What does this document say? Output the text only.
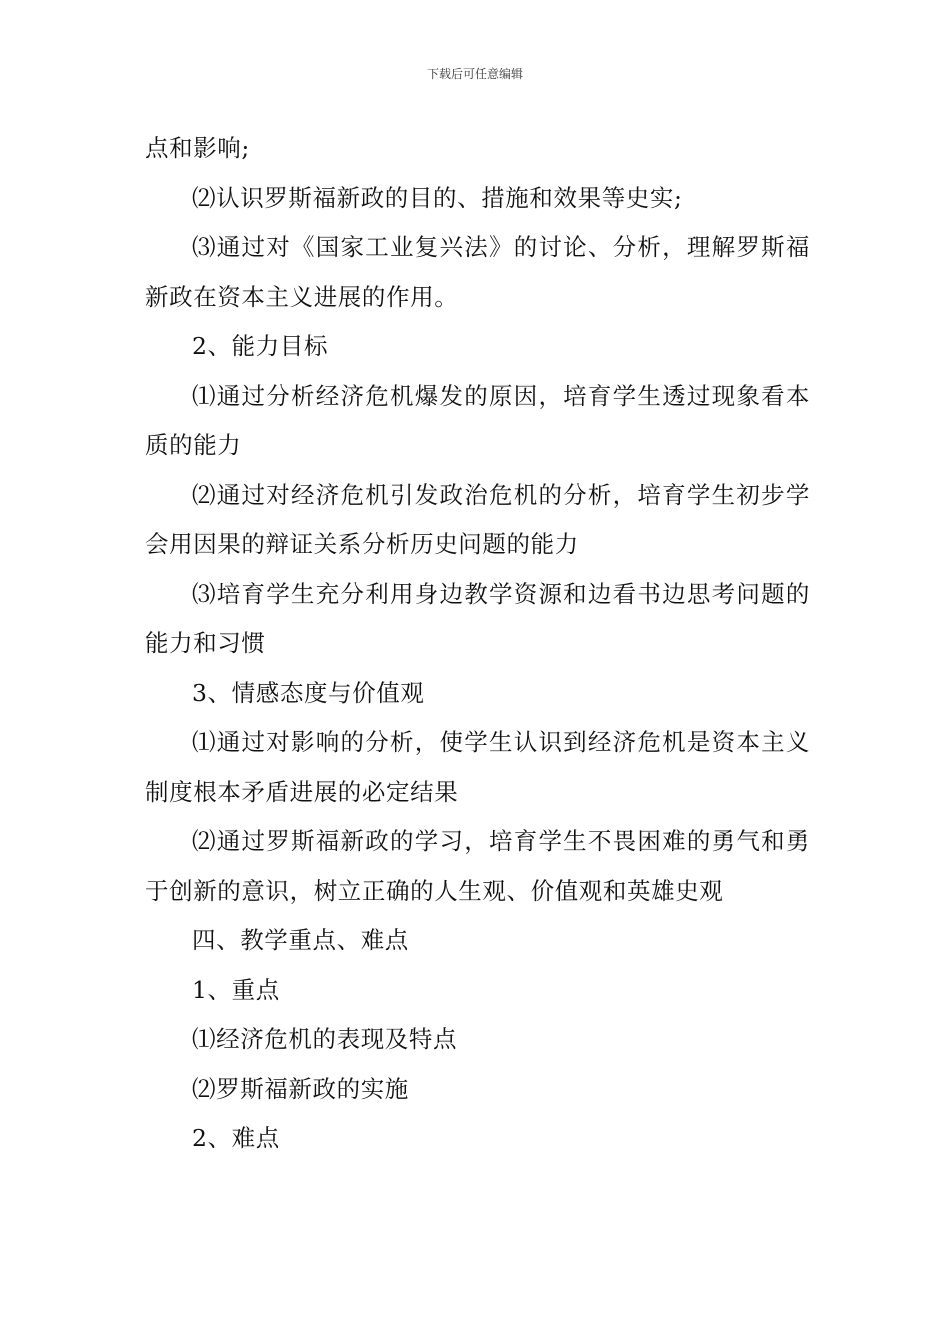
下载后可任意编辑

点和影响;

⑵认识罗斯福新政的目的、措施和效果等史实;

⑶通过对《国家工业复兴法》的讨论、分析，理解罗斯福新政在资本主义进展的作用。

2、能力目标

⑴通过分析经济危机爆发的原因，培育学生透过现象看本质的能力

⑵通过对经济危机引发政治危机的分析，培育学生初步学会用因果的辩证关系分析历史问题的能力

⑶培育学生充分利用身边教学资源和边看书边思考问题的能力和习惯

3、情感态度与价值观

⑴通过对影响的分析，使学生认识到经济危机是资本主义制度根本矛盾进展的必定结果

⑵通过罗斯福新政的学习，培育学生不畏困难的勇气和勇于创新的意识，树立正确的人生观、价值观和英雄史观

四、教学重点、难点

1、重点

⑴经济危机的表现及特点

⑵罗斯福新政的实施

2、难点
